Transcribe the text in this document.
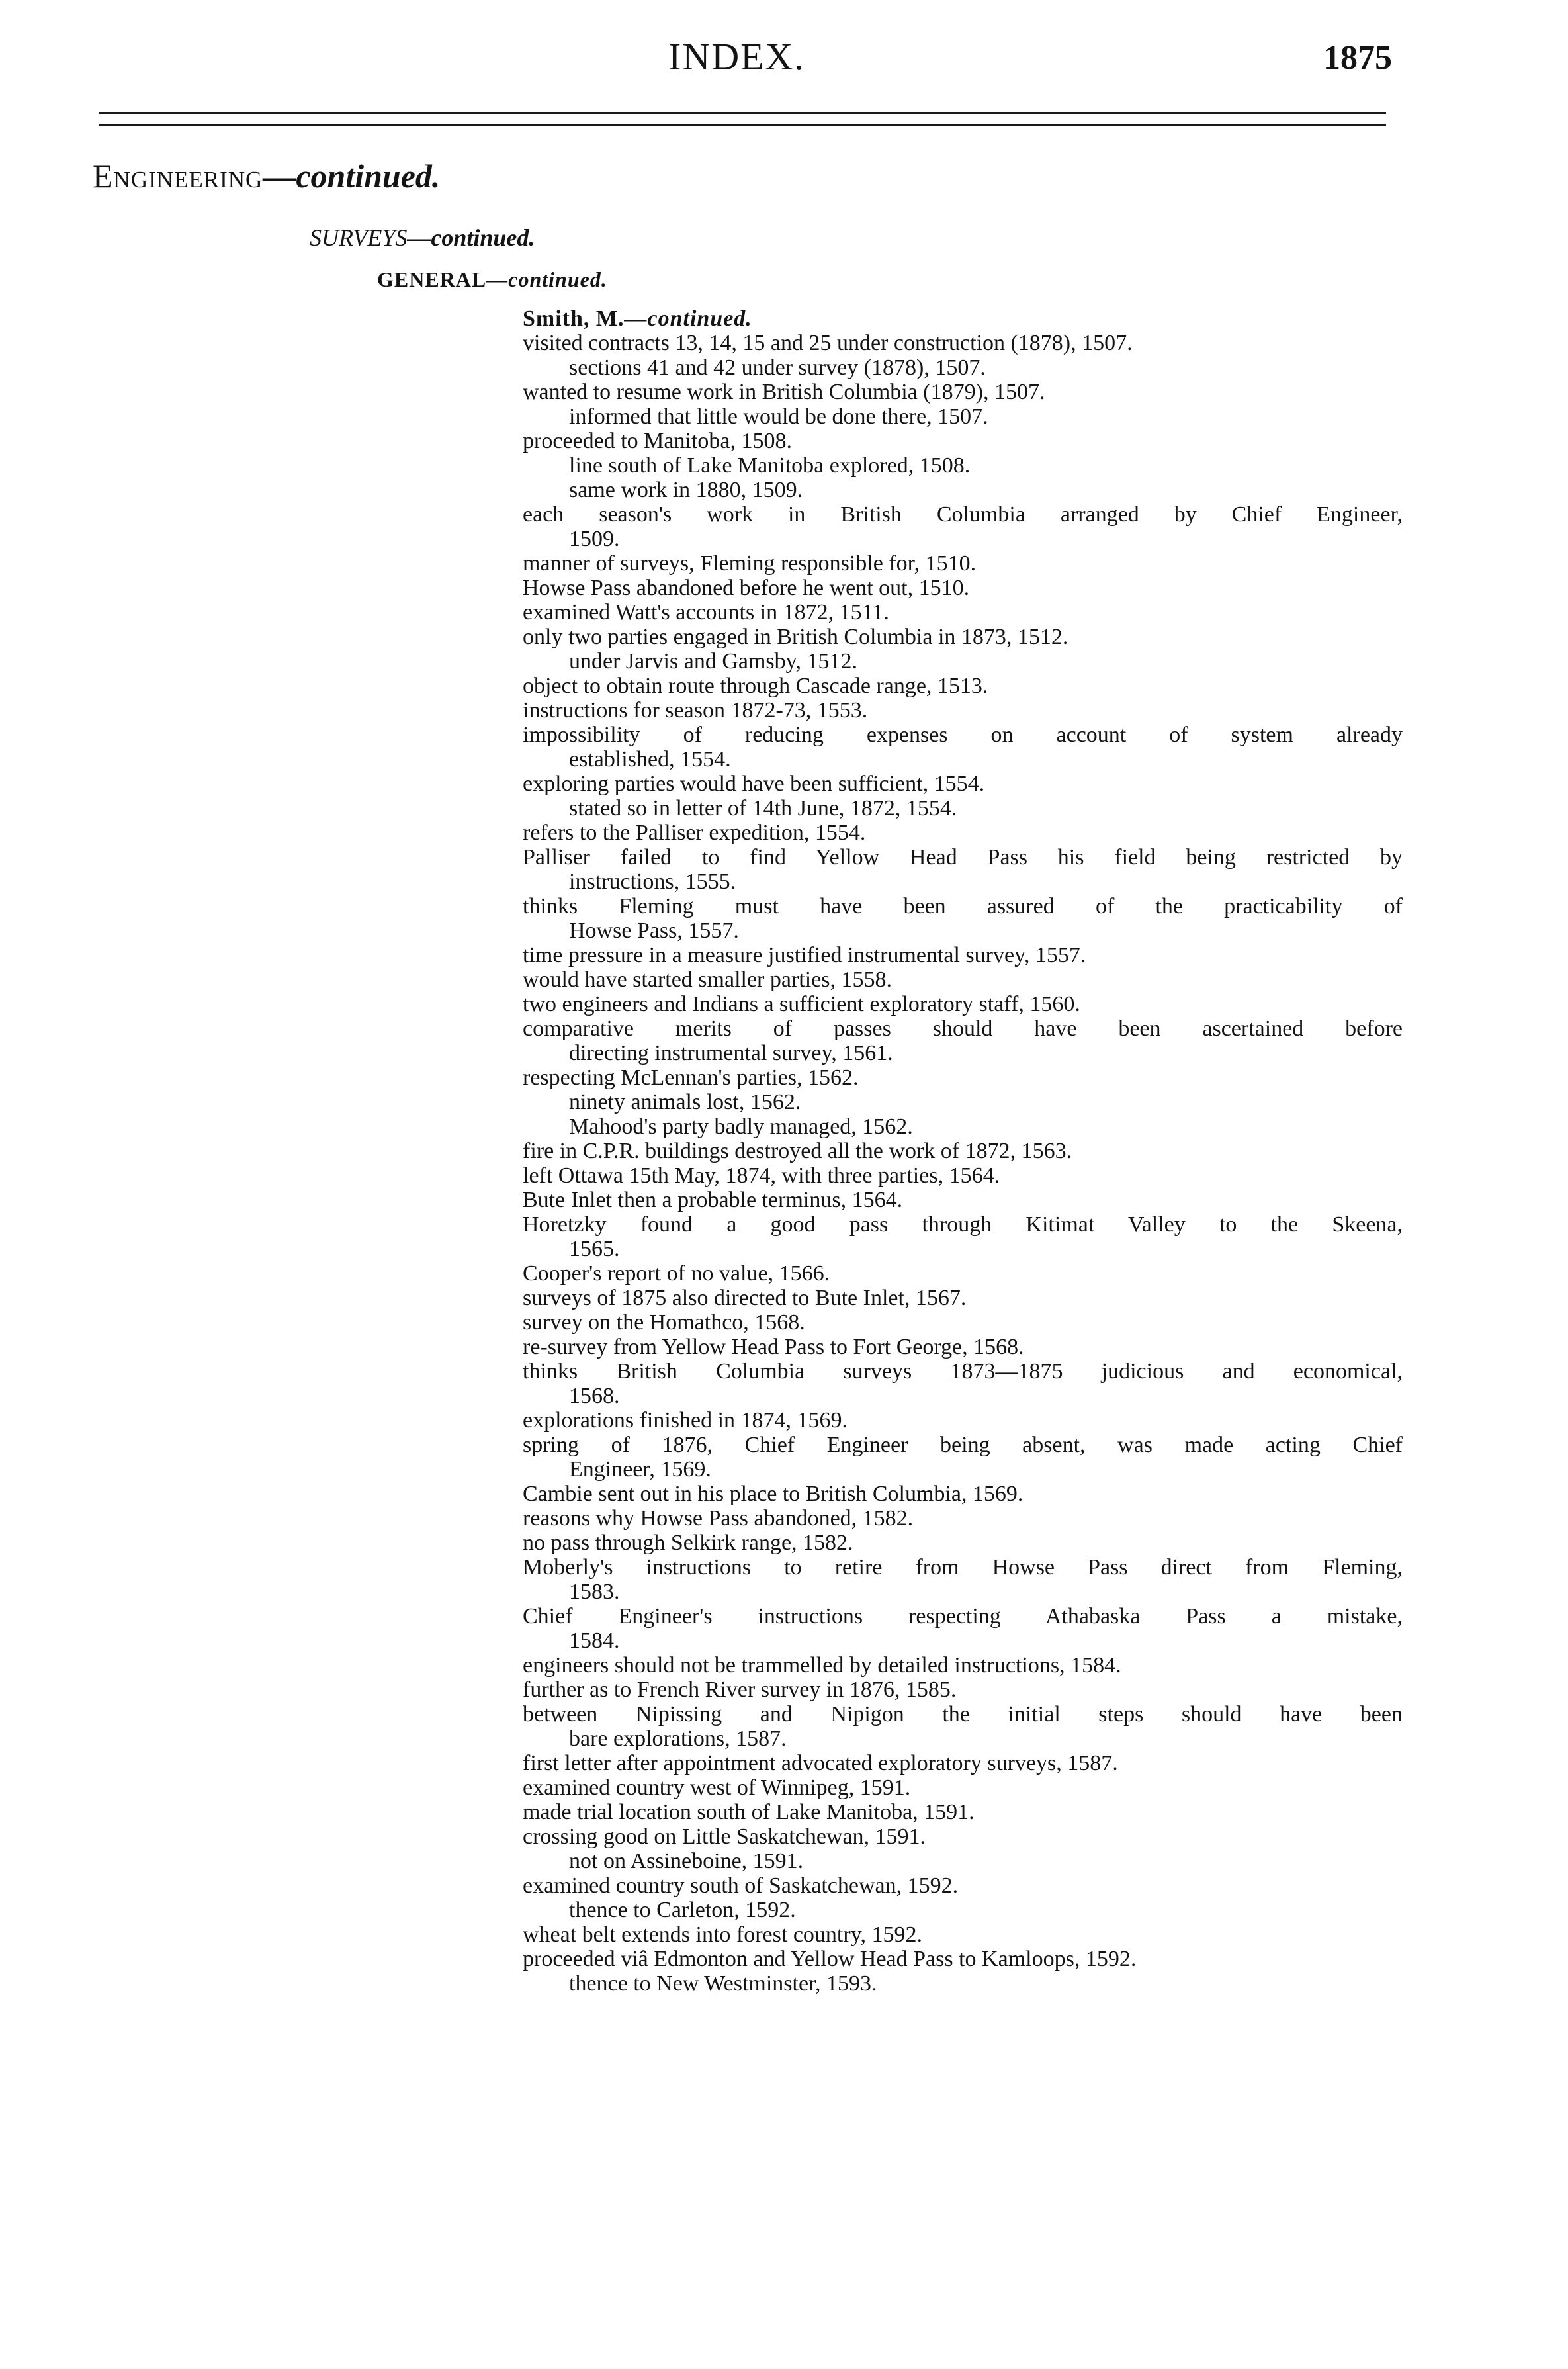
INDEX.	1875
Engineering—continued.
SURVEYS—continued.
GENERAL—continued.
Smith, M.—continued.
visited contracts 13, 14, 15 and 25 under construction (1878), 1507.
sections 41 and 42 under survey (1878), 1507.
wanted to resume work in British Columbia (1879), 1507.
informed that little would be done there, 1507.
proceeded to Manitoba, 1508.
line south of Lake Manitoba explored, 1508.
same work in 1880, 1509.
each season's work in British Columbia arranged by Chief Engineer,
1509.
manner of surveys, Fleming responsible for, 1510.
Howse Pass abandoned before he went out, 1510.
examined Watt's accounts in 1872, 1511.
only two parties engaged in British Columbia in 1873, 1512.
under Jarvis and Gamsby, 1512.
object to obtain route through Cascade range, 1513.
instructions for season 1872-73, 1553.
impossibility of reducing expenses on account of system already
established, 1554.
exploring parties would have been sufficient, 1554.
stated so in letter of 14th June, 1872, 1554.
refers to the Palliser expedition, 1554.
Palliser failed to find Yellow Head Pass his field being restricted by
instructions, 1555.
thinks Fleming must have been assured of the practicability of
Howse Pass, 1557.
time pressure in a measure justified instrumental survey, 1557.
would have started smaller parties, 1558.
two engineers and Indians a sufficient exploratory staff, 1560.
comparative merits of passes should have been ascertained before
directing instrumental survey, 1561.
respecting McLennan's parties, 1562.
ninety animals lost, 1562.
Mahood's party badly managed, 1562.
fire in C.P.R. buildings destroyed all the work of 1872, 1563.
left Ottawa 15th May, 1874, with three parties, 1564.
Bute Inlet then a probable terminus, 1564.
Horetzky found a good pass through Kitimat Valley to the Skeena,
1565.
Cooper's report of no value, 1566.
surveys of 1875 also directed to Bute Inlet, 1567.
survey on the Homathco, 1568.
re-survey from Yellow Head Pass to Fort George, 1568.
thinks British Columbia surveys 1873—1875 judicious and economical,
1568.
explorations finished in 1874, 1569.
spring of 1876, Chief Engineer being absent, was made acting Chief
Engineer, 1569.
Cambie sent out in his place to British Columbia, 1569.
reasons why Howse Pass abandoned, 1582.
no pass through Selkirk range, 1582.
Moberly's instructions to retire from Howse Pass direct from Fleming,
1583.
Chief Engineer's instructions respecting Athabaska Pass a mistake,
1584.
engineers should not be trammelled by detailed instructions, 1584.
further as to French River survey in 1876, 1585.
between Nipissing and Nipigon the initial steps should have been
bare explorations, 1587.
first letter after appointment advocated exploratory surveys, 1587.
examined country west of Winnipeg, 1591.
made trial location south of Lake Manitoba, 1591.
crossing good on Little Saskatchewan, 1591.
not on Assineboine, 1591.
examined country south of Saskatchewan, 1592.
thence to Carleton, 1592.
wheat belt extends into forest country, 1592.
proceeded viâ Edmonton and Yellow Head Pass to Kamloops, 1592.
thence to New Westminster, 1593.
